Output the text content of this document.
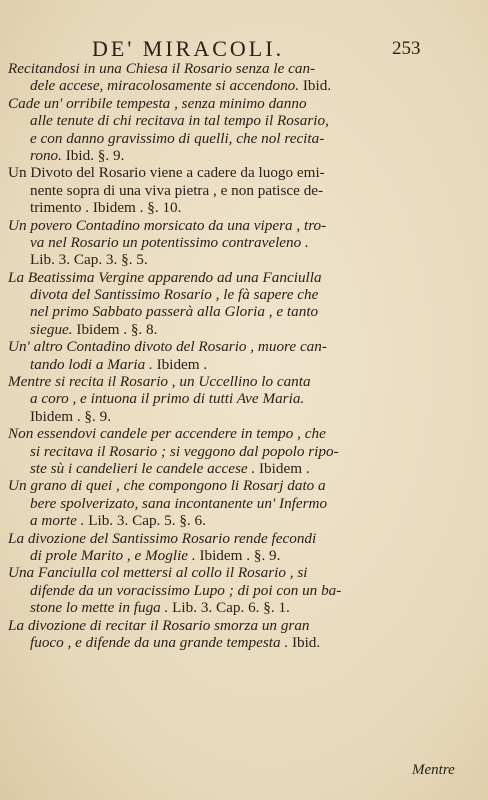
DE' MIRACOLI.	253
Recitandosi in una Chiesa il Rosario senza le can-
dele accese, miracolosamente si accendono. Ibid.
Cade un' orribile tempesta , senza minimo danno
alle tenute di chi recitava in tal tempo il Rosario,
e con danno gravissimo di quelli, che nol recita-
rono. Ibid. §. 9.
Un Divoto del Rosario viene a cadere da luogo emi-
nente sopra di una viva pietra , e non patisce de-
trimento . Ibidem . §. 10.
Un povero Contadino morsicato da una vipera , tro-
va nel Rosario un potentissimo contraveleno .
Lib. 3. Cap. 3. §. 5.
La Beatissima Vergine apparendo ad una Fanciulla
divota del Santissimo Rosario , le fà sapere che
nel primo Sabbato passerà alla Gloria , e tanto
siegue. Ibidem . §. 8.
Un' altro Contadino divoto del Rosario , muore can-
tando lodi a Maria . Ibidem .
Mentre si recita il Rosario , un Uccellino lo canta
a coro , e intuona il primo di tutti Ave Maria.
Ibidem . §. 9.
Non essendovi candele per accendere in tempo , che
si recitava il Rosario ; si veggono dal popolo ripo-
ste sù i candelieri le candele accese . Ibidem .
Un grano di quei , che compongono li Rosarj dato a
bere spolverizato, sana incontanente un' Infermo
a morte . Lib. 3. Cap. 5. §. 6.
La divozione del Santissimo Rosario rende fecondi
di prole Marito , e Moglie . Ibidem . §. 9.
Una Fanciulla col mettersi al collo il Rosario , si
difende da un voracissimo Lupo ; di poi con un ba-
stone lo mette in fuga . Lib. 3. Cap. 6. §. 1.
La divozione di recitar il Rosario smorza un gran
fuoco , e difende da una grande tempesta . Ibid.
Mentre
